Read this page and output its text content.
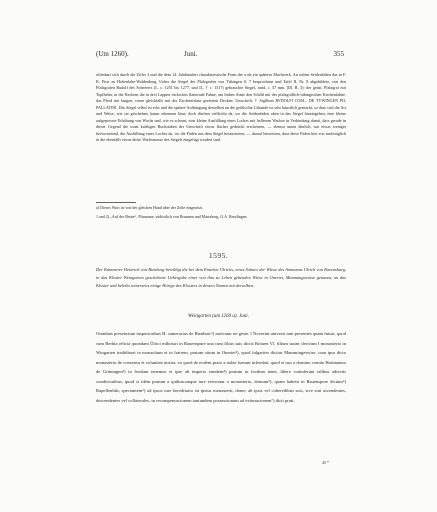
(Um 1260).	Juni.	355
offenbart sich durch die Ziffer 3 und die dem 14. Jahrhundert charakteristische Form der a als ein späteres Machwerk. An rothen Seidenfäden das in F. K. First zu Hohenlohe-Waldenburg, Ueber die Siegel der Pfalzgrafen von Tübingen S. 7 besprochene und Tafel II, Nr. 8 abgebildete, von den Pfalzgrafen Rudolf des Scheerers (I., c. 1251 bis 1277, und II., † c. 1317) gebrauchte Siegel, rund, c. 57 mm. (III. B. 3): der geäst. Pfalzgraf mit Topfhelm, in der Rechten die in drei Lappen rückwärts flatternde Fahne, am linken Arme den Schild mit der pfalzgräflich-tübingischen Kirchenfahne, das Pferd mit langen, vorne gleichfalls mit der Kirchenfahne gezierten Decken; Umschrift: † Sigillum RVDOLFI COM... DE TVWINGEN PIL PALLATINI. Das Siegel selbst ist echt und die spätere Aufhängung desselben an die gefälschte Urkunde ist sehr künstlich gemacht, so dass sich die Art und Weise, wie sie geschehen, kaum erkennen lässt; doch dürften vielleicht da, wo die Seidenfäden oben in das Siegel hineingehen, eine kleine aufgepresste Erhöhung von Wachs und, wie es scheint, eine kleine Ausfüllung eines Loches mit hellerem Wachse in Verbindung damit, dass gerade in dieser Gegend die sonst kräftigen Buchstaben der Umschrift etwas flacher gedrückt erscheinen, — ebenso unten ähnlich, nur etwas weniger hervortretend, die Ausfüllung eines Loches da, wo die Fäden aus dem Siegel heraustreten, — darauf hinweisen, dass diese Fäden hier erst nachträglich in die ebenfalls etwas dicke Wachsmasse des Siegels eingefügt worden sind.
a) Dieses Wort ist von der gleichen Hand über der Zeile eingesetzt.
1 and 2) „Auf der Beute“, Flurname, südöstlich von Brunnen und Mariaberg, O.A. Reutlingen.
1595.
Der Kämmerer Heinrich von Bienburg bewilligt die bei dem Eintritte Ulrichs, eines Sohnes der Witwe des Ammanns Ulrich von Ravensburg, in das Kloster Weingarten geschehene Uebergabe einer von ihm zu Lehen gehenden Wiese in Oneriet, Mammingeswise genannt, an das Kloster und beleiht seinerseits einige Hörige des Klosters in dessen Namen mit derselben.
Weingarten (um 1260 a). Juni.
Omnibus presencium inspectoribus H. camerarius de Bienburc¹) noticiam rei geste. ‖ Noverint universi tam presentes quam futuri, quod cum Berhta relicta quondam Ŭlrici mi‖nistri in Rauenspure una cum filius suis dictis Bröuen Vl. filium suum clericum ‖ monasterio in Wingarten tradidisset in monachum et in fratrem, pratum situm in Oneriet²), quod fulgariter dicitur Mammingeswise, cum ipso dicto monasterio de consensu et voluntate nostra, eo quod de eodem prato a nobis fuerant infeodati, quod et nos a domino comite Hartmanno de Grüningen³) in feodum tenemus et ipse ab imperio eundem⁴) pratum in feodum tenet, libere contulerunt talibus adiectis condicionibus, quod si idem pratum a quibuscunque iure evincatur a monasterio, domum⁵), quam habent in Rauenspure dictum⁶) Rapellenhûs, spectantem⁶) ad ipsos iure hereditario sit ipsius monasterii, donec ab ipsis vel coheredibus suis, sive sint ascendentes, descendentes vel collaterales, in recompensacionem tantundem possessionum ad extimacionem⁷) dicti prati,
45 *
